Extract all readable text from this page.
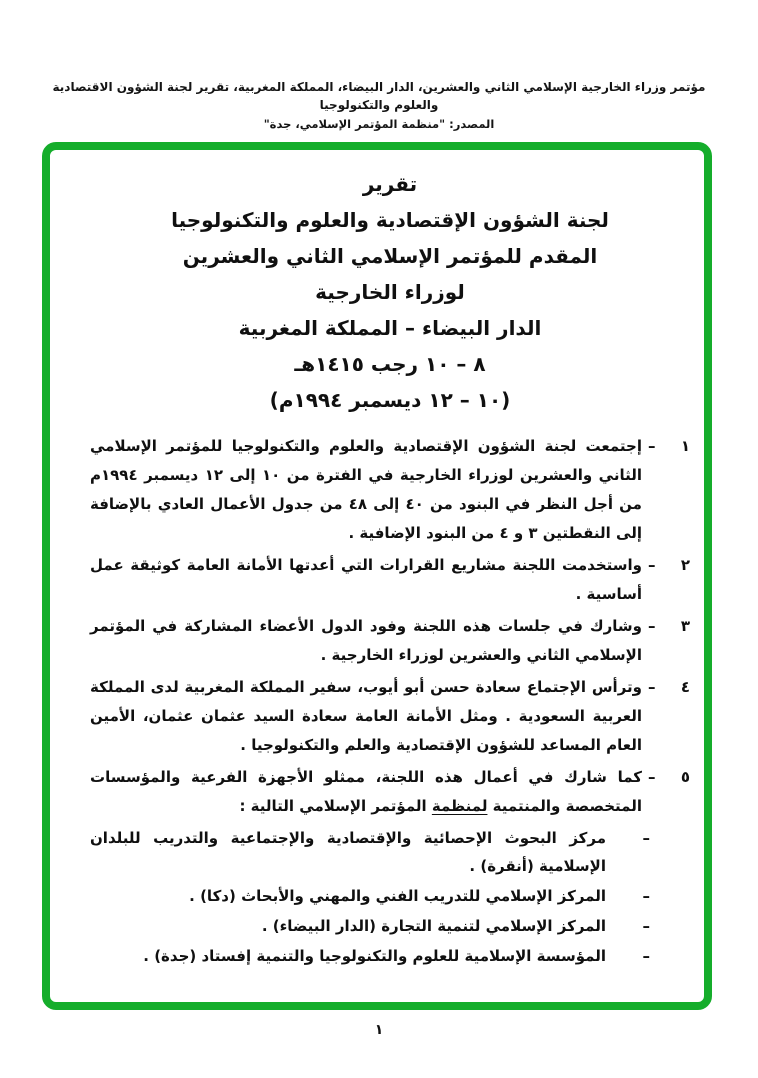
مؤتمر وزراء الخارجية الإسلامي الثاني والعشرين، الدار البيضاء، المملكة المغربية، تقرير لجنة الشؤون الاقتصادية والعلوم والتكنولوجيا
المصدر: "منظمة المؤتمر الإسلامي، جدة"
تقرير
لجنة الشؤون الإقتصادية والعلوم والتكنولوجيا
المقدم للمؤتمر الإسلامي الثاني والعشرين
لوزراء الخارجية
الدار البيضاء – المملكة المغربية
٨ – ١٠ رجب ١٤١٥هـ
(١٠ – ١٢ ديسمبر ١٩٩٤م)
١
–
إجتمعت لجنة الشؤون الإقتصادية والعلوم والتكنولوجيا للمؤتمر الإسلامي الثاني والعشرين لوزراء الخارجية في الفترة من ١٠ إلى ١٢ ديسمبر ١٩٩٤م من أجل النظر في البنود من ٤٠ إلى ٤٨ من جدول الأعمال العادي بالإضافة إلى النقطتين ٣ و ٤ من البنود الإضافية .
٢
–
واستخدمت اللجنة مشاريع القرارات التي أعدتها الأمانة العامة كوثيقة عمل أساسية .
٣
–
وشارك في جلسات هذه اللجنة وفود الدول الأعضاء المشاركة في المؤتمر الإسلامي الثاني والعشرين لوزراء الخارجية .
٤
–
وترأس الإجتماع سعادة حسن أبو أيوب، سفير المملكة المغربية لدى المملكة العربية السعودية . ومثل الأمانة العامة سعادة السيد عثمان عثمان، الأمين العام المساعد للشؤون الإقتصادية والعلم والتكنولوجيا .
٥
–
كما شارك في أعمال هذه اللجنة، ممثلو الأجهزة الفرعية والمؤسسات المتخصصة والمنتمية لمنظمة المؤتمر الإسلامي التالية :
–
مركز البحوث الإحصائية والإقتصادية والإجتماعية والتدريب للبلدان الإسلامية (أنقرة) .
–
المركز الإسلامي للتدريب الفني والمهني والأبحاث (دكا) .
–
المركز الإسلامي لتنمية التجارة (الدار البيضاء) .
–
المؤسسة الإسلامية للعلوم والتكنولوجيا والتنمية إفستاد (جدة) .
١
